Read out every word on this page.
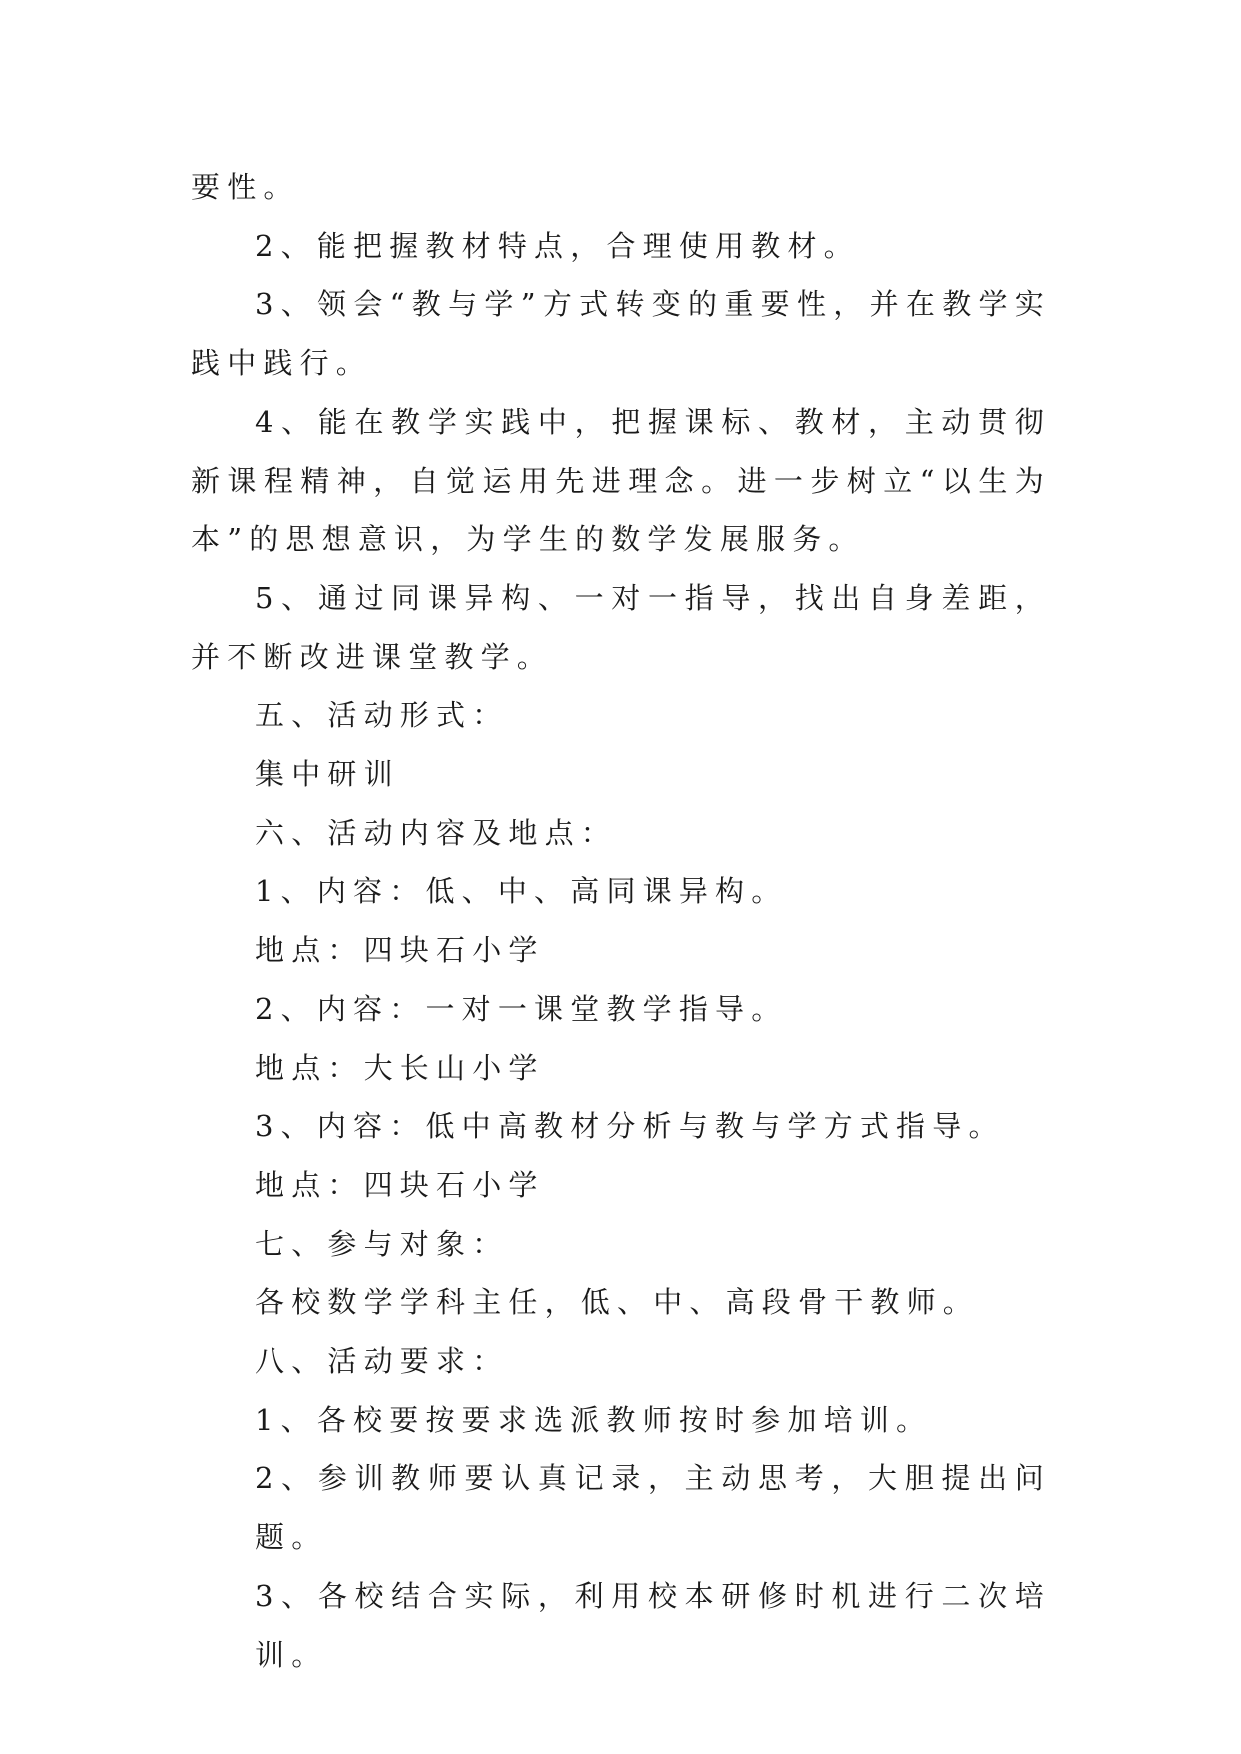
要性。

2、能把握教材特点，合理使用教材。

3、领会“教与学”方式转变的重要性，并在教学实践中践行。

4、能在教学实践中，把握课标、教材，主动贯彻新课程精神，自觉运用先进理念。进一步树立“以生为本”的思想意识，为学生的数学发展服务。

5、通过同课异构、一对一指导，找出自身差距，并不断改进课堂教学。

五、活动形式：

集中研训

六、活动内容及地点：

1、内容：低、中、高同课异构。

地点：四块石小学

2、内容：一对一课堂教学指导。

地点：大长山小学

3、内容：低中高教材分析与教与学方式指导。

地点：四块石小学

七、参与对象：

各校数学学科主任，低、中、高段骨干教师。

八、活动要求：

1、各校要按要求选派教师按时参加培训。

2、参训教师要认真记录，主动思考，大胆提出问题。

3、各校结合实际，利用校本研修时机进行二次培训。
